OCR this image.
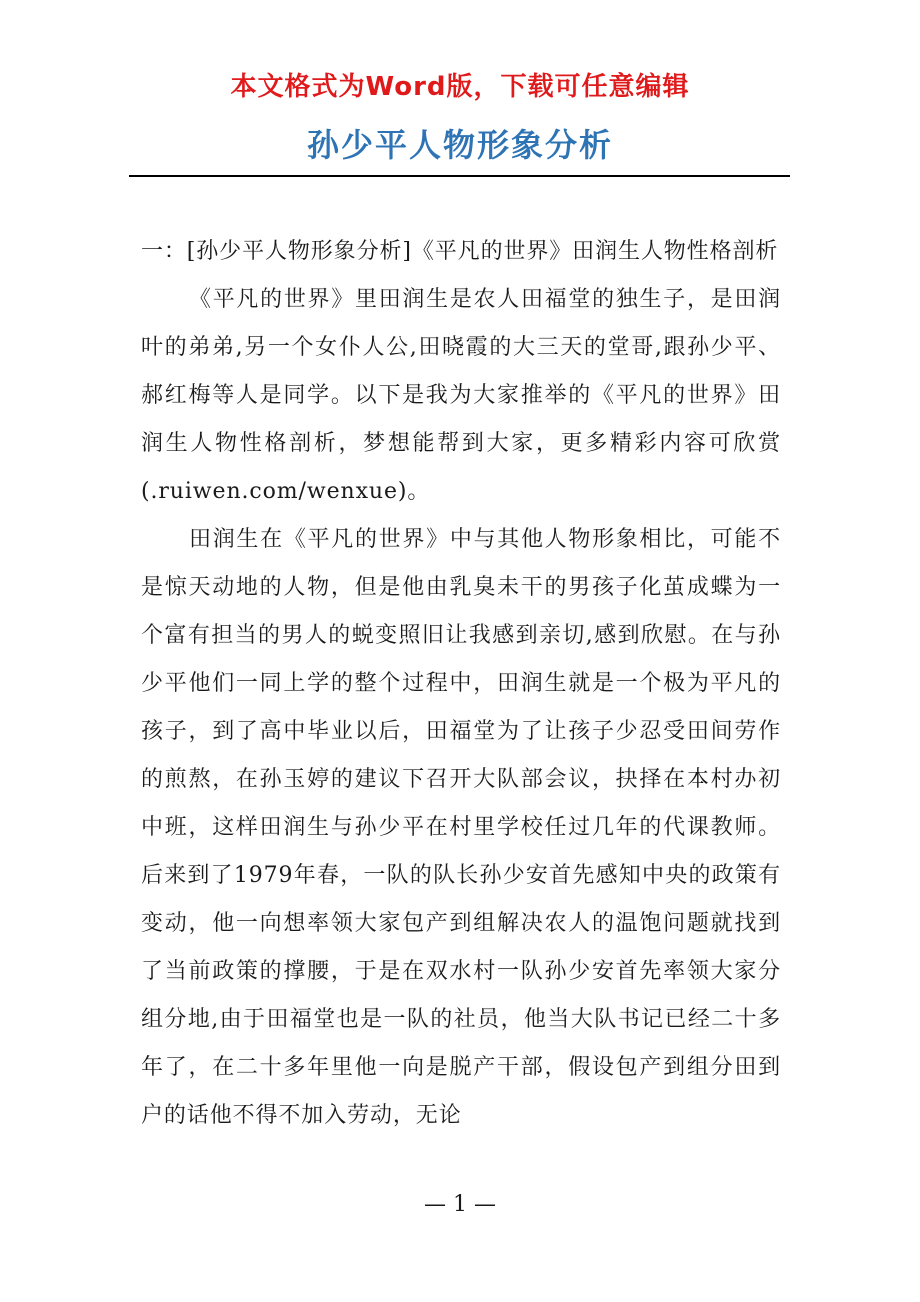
本文格式为Word版，下载可任意编辑
孙少平人物形象分析

一：[孙少平人物形象分析]《平凡的世界》田润生人物性格剖析

《平凡的世界》里田润生是农人田福堂的独生子，是田润叶的弟弟,另一个女仆人公,田晓霞的大三天的堂哥,跟孙少平、郝红梅等人是同学。以下是我为大家推举的《平凡的世界》田润生人物性格剖析，梦想能帮到大家，更多精彩内容可欣赏(.ruiwen.com/wenxue)。

田润生在《平凡的世界》中与其他人物形象相比，可能不是惊天动地的人物，但是他由乳臭未干的男孩子化茧成蝶为一个富有担当的男人的蜕变照旧让我感到亲切,感到欣慰。在与孙少平他们一同上学的整个过程中，田润生就是一个极为平凡的孩子，到了高中毕业以后，田福堂为了让孩子少忍受田间劳作的煎熬，在孙玉婷的建议下召开大队部会议，抉择在本村办初中班，这样田润生与孙少平在村里学校任过几年的代课教师。后来到了1979年春，一队的队长孙少安首先感知中央的政策有变动，他一向想率领大家包产到组解决农人的温饱问题就找到了当前政策的撑腰，于是在双水村一队孙少安首先率领大家分组分地,由于田福堂也是一队的社员，他当大队书记已经二十多年了，在二十多年里他一向是脱产干部，假设包产到组分田到户的话他不得不加入劳动，无论

— 1 —
